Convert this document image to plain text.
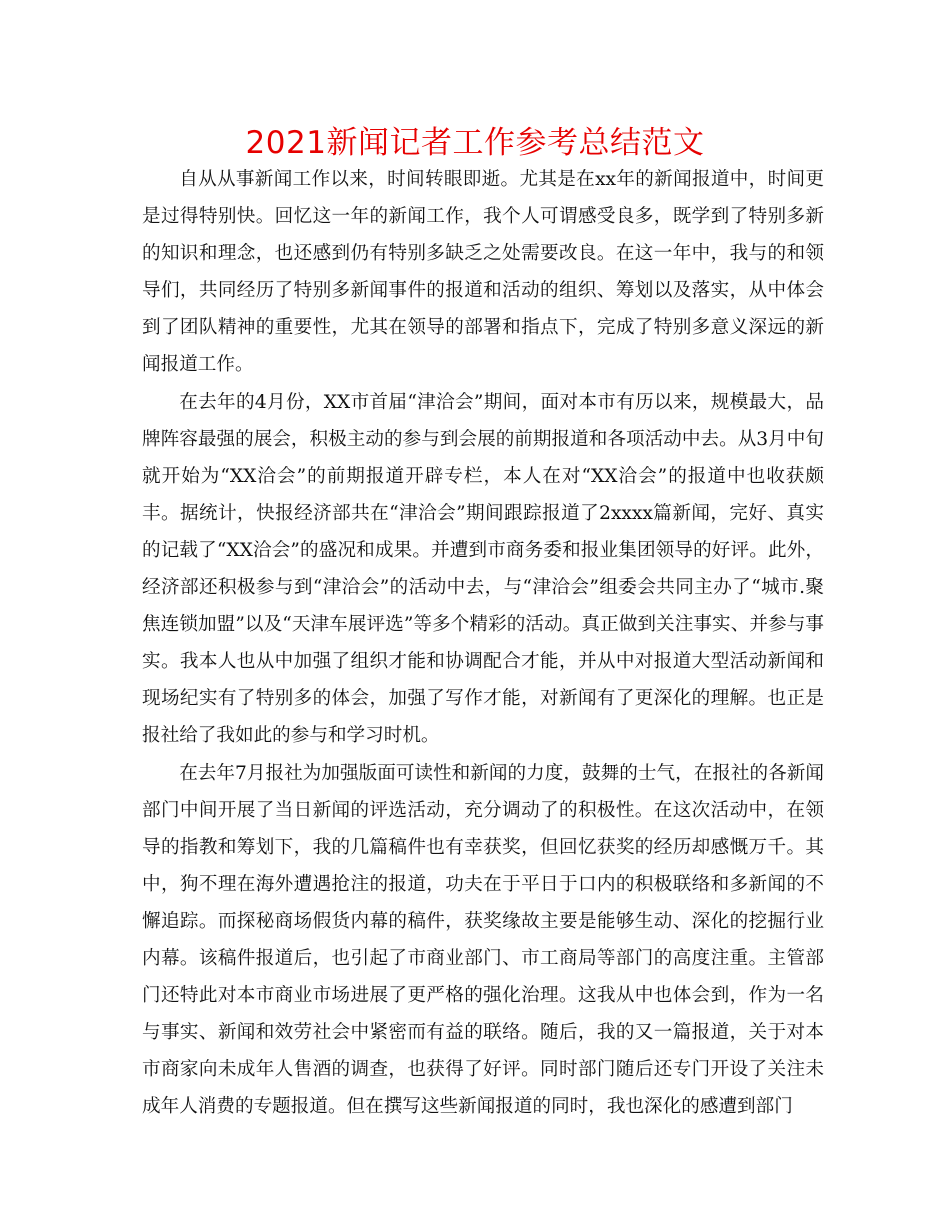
2021新闻记者工作参考总结范文

自从从事新闻工作以来，时间转眼即逝。尤其是在xx年的新闻报道中，时间更是过得特别快。回忆这一年的新闻工作，我个人可谓感受良多，既学到了特别多新的知识和理念，也还感到仍有特别多缺乏之处需要改良。在这一年中，我与的和领导们，共同经历了特别多新闻事件的报道和活动的组织、筹划以及落实，从中体会到了团队精神的重要性，尤其在领导的部署和指点下，完成了特别多意义深远的新闻报道工作。

在去年的4月份，XX市首届“津洽会”期间，面对本市有历以来，规模最大，品牌阵容最强的展会，积极主动的参与到会展的前期报道和各项活动中去。从3月中旬就开始为“XX洽会”的前期报道开辟专栏，本人在对“XX洽会”的报道中也收获颇丰。据统计，快报经济部共在“津洽会”期间跟踪报道了2xxxx篇新闻，完好、真实的记载了“XX洽会”的盛况和成果。并遭到市商务委和报业集团领导的好评。此外，经济部还积极参与到“津洽会”的活动中去，与“津洽会”组委会共同主办了“城市.聚焦连锁加盟”以及“天津车展评选”等多个精彩的活动。真正做到关注事实、并参与事实。我本人也从中加强了组织才能和协调配合才能，并从中对报道大型活动新闻和现场纪实有了特别多的体会，加强了写作才能，对新闻有了更深化的理解。也正是报社给了我如此的参与和学习时机。

在去年7月报社为加强版面可读性和新闻的力度，鼓舞的士气，在报社的各新闻部门中间开展了当日新闻的评选活动，充分调动了的积极性。在这次活动中，在领导的指教和筹划下，我的几篇稿件也有幸获奖，但回忆获奖的经历却感慨万千。其中，狗不理在海外遭遇抢注的报道，功夫在于平日于口内的积极联络和多新闻的不懈追踪。而探秘商场假货内幕的稿件，获奖缘故主要是能够生动、深化的挖掘行业内幕。该稿件报道后，也引起了市商业部门、市工商局等部门的高度注重。主管部门还特此对本市商业市场进展了更严格的强化治理。这我从中也体会到，作为一名与事实、新闻和效劳社会中紧密而有益的联络。随后，我的又一篇报道，关于对本市商家向未成年人售酒的调查，也获得了好评。同时部门随后还专门开设了关注未成年人消费的专题报道。但在撰写这些新闻报道的同时，我也深化的感遭到部门
